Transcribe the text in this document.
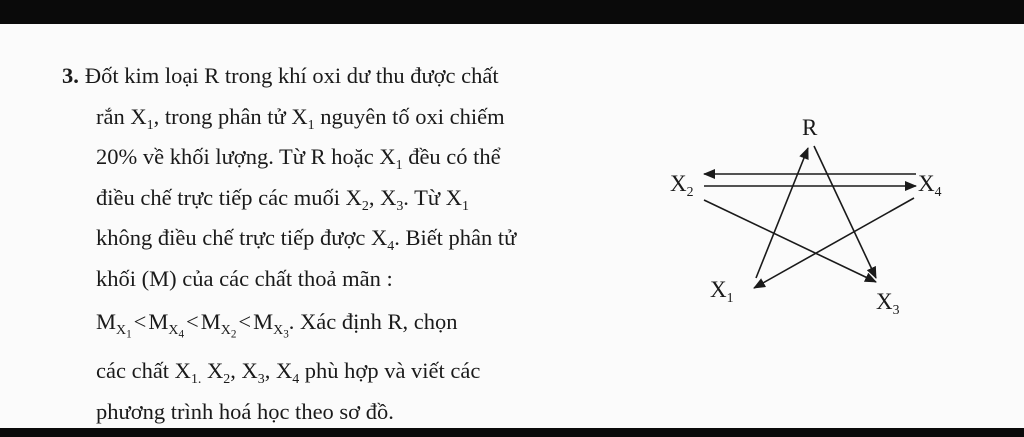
3. Đốt kim loại R trong khí oxi dư thu được chất
rắn $X_1$, trong phân tử $X_1$ nguyên tố oxi chiếm
20% về khối lượng. Từ R hoặc $X_1$ đều có thể
điều chế trực tiếp các muối $X_2$, $X_3$. Từ $X_1$
không điều chế trực tiếp được $X_4$. Biết phân tử
khối (M) của các chất thoả mãn :
$M_{X_1}<M_{X_4}<M_{X_2}<M_{X_3}$. Xác định R, chọn
các chất $X_{1.}$ $X_2$, $X_3$, $X_4$ phù hợp và viết các
phương trình hoá học theo sơ đồ.
R
$X_2$	$X_4$
$X_1$	$X_3$
